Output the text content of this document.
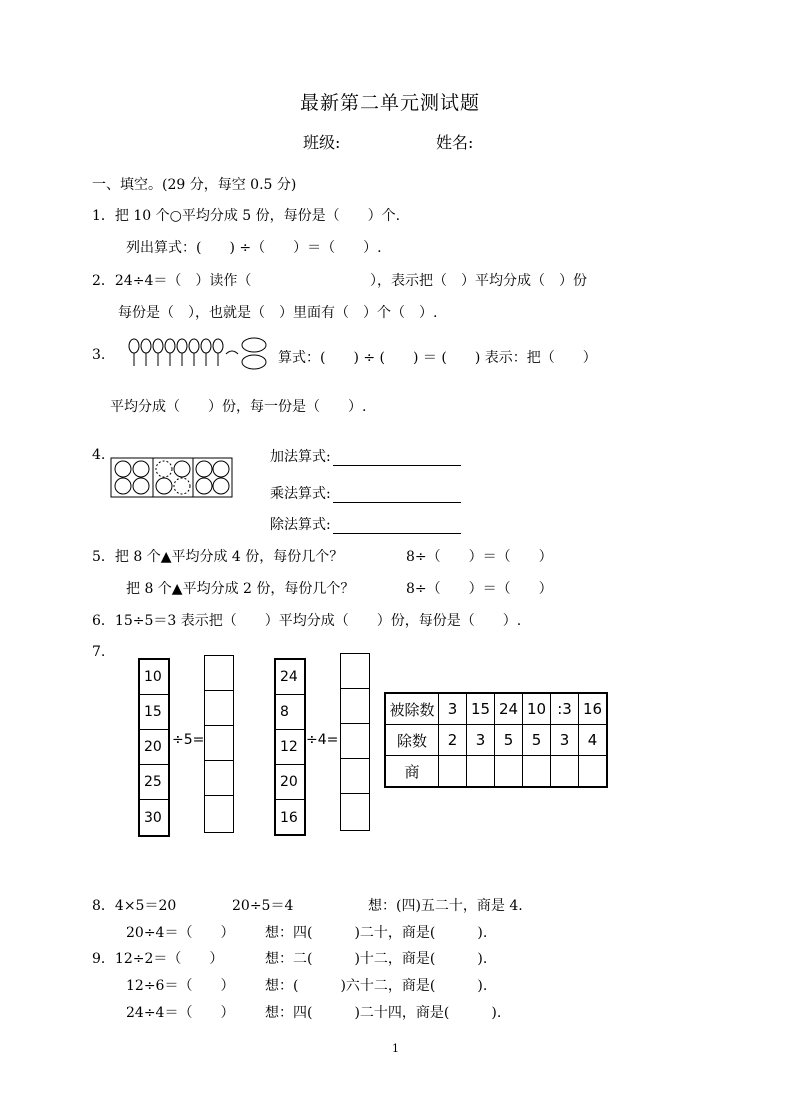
最新第二单元测试题
班级:	姓名:
一、填空。(29 分，每空 0.5 分)
1．把 10 个○平均分成 5 份，每份是（　　）个.
列出算式：(　　) ÷（　　）＝（　　）.
2．24÷4＝（　）读作（	），表示把（　）平均分成（　）份
每份是（　），也就是（　）里面有（　）个（　）.
3.	算式：(　　) ÷ (　　) ＝ (　　) 表示：把（　　）
平均分成（　　）份，每一份是（　　）.
4.	加法算式:
乘法算式:
除法算式:
5．把 8 个▲平均分成 4 份，每份几个？	8÷（　　）＝（　　）
把 8 个▲平均分成 2 份，每份几个？	8÷（　　）＝（　　）
6．15÷5＝3 表示把（　　）平均分成（　　）份，每份是（　　）.
7.
10
15
20
25
30
÷5=
24
8
12
20
16
÷4=
被除数	3	15	24	10	:3	16
除数	2	3	5	5	3	4
商						
8．4×5＝20	20÷5＝4	想：(四)五二十，商是 4.
20÷4＝（　　） 想：四(　　　)二十，商是(　　　).
9．12÷2＝（　　）	想：二(　　　)十二，商是(　　　).
12÷6＝（　　） 想：(　　　)六十二，商是(　　　).
24÷4＝（　　） 想：四(　　　)二十四，商是(　　　).
1
